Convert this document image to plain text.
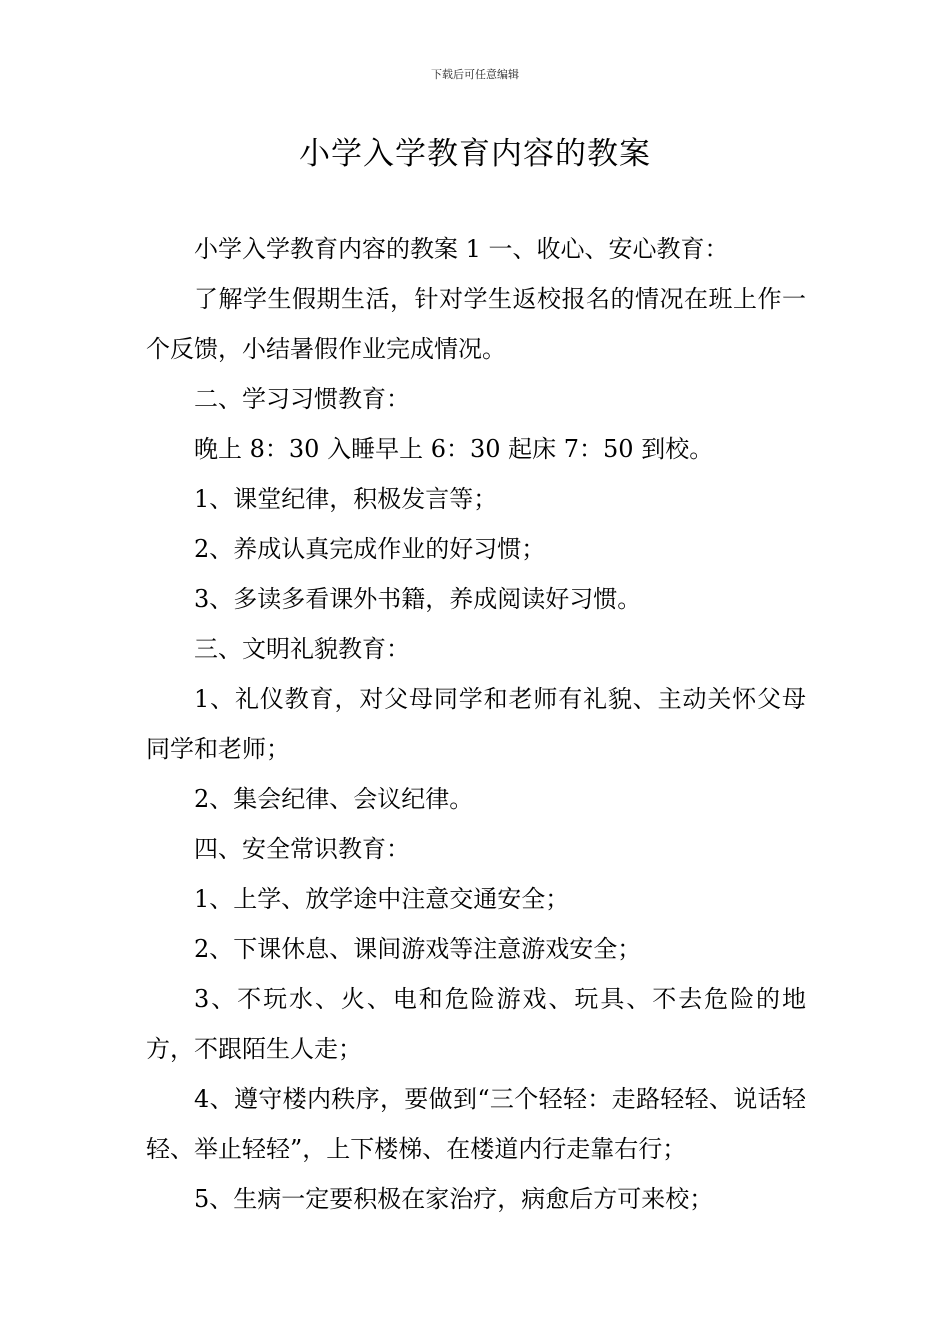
下载后可任意编辑
小学入学教育内容的教案

小学入学教育内容的教案 1 一、收心、安心教育：

了解学生假期生活，针对学生返校报名的情况在班上作一个反馈，小结暑假作业完成情况。

二、学习习惯教育：

晚上 8：30 入睡早上 6：30 起床 7：50 到校。

1、课堂纪律，积极发言等；

2、养成认真完成作业的好习惯；

3、多读多看课外书籍，养成阅读好习惯。

三、文明礼貌教育：

1、礼仪教育，对父母同学和老师有礼貌、主动关怀父母同学和老师；

2、集会纪律、会议纪律。

四、安全常识教育：

1、上学、放学途中注意交通安全；

2、下课休息、课间游戏等注意游戏安全；

3、不玩水、火、电和危险游戏、玩具、不去危险的地方，不跟陌生人走；

4、遵守楼内秩序，要做到“三个轻轻：走路轻轻、说话轻轻、举止轻轻”，上下楼梯、在楼道内行走靠右行；

5、生病一定要积极在家治疗，病愈后方可来校；
